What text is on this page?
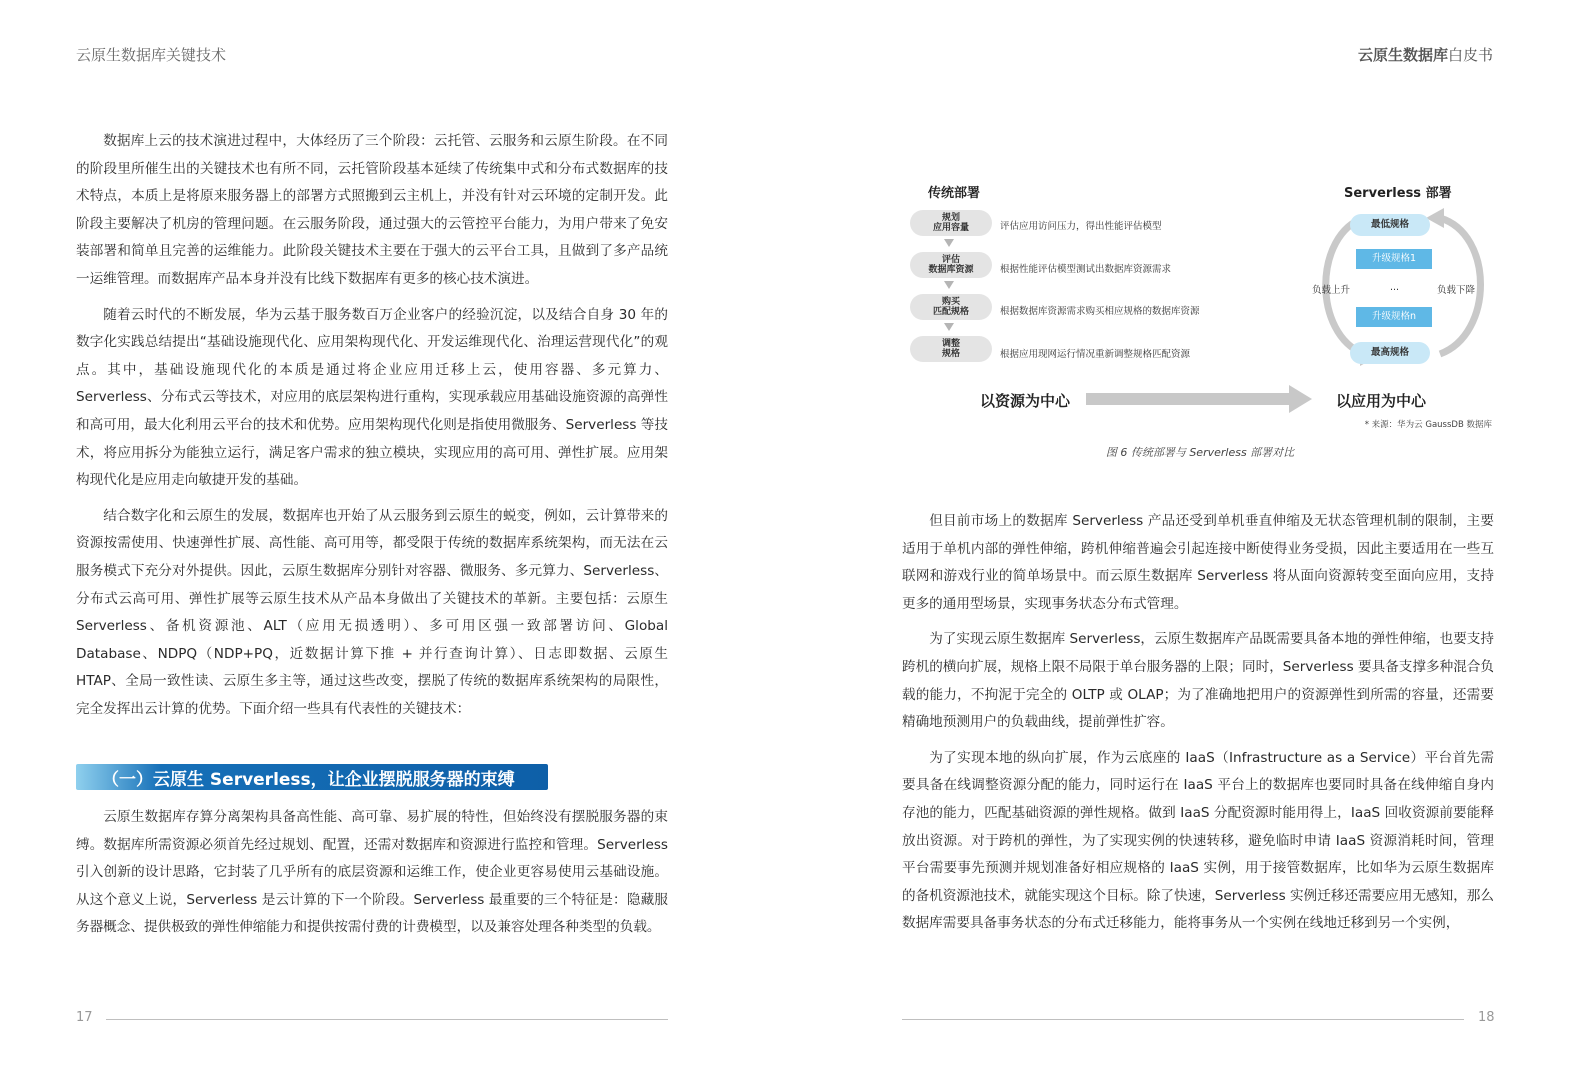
云原生数据库关键技术	云原生数据库白皮书

数据库上云的技术演进过程中，大体经历了三个阶段：云托管、云服务和云原生阶段。在不同的阶段里所催生出的关键技术也有所不同，云托管阶段基本延续了传统集中式和分布式数据库的技术特点，本质上是将原来服务器上的部署方式照搬到云主机上，并没有针对云环境的定制开发。此阶段主要解决了机房的管理问题。在云服务阶段，通过强大的云管控平台能力，为用户带来了免安装部署和简单且完善的运维能力。此阶段关键技术主要在于强大的云平台工具，且做到了多产品统一运维管理。而数据库产品本身并没有比线下数据库有更多的核心技术演进。

随着云时代的不断发展，华为云基于服务数百万企业客户的经验沉淀，以及结合自身 30 年的数字化实践总结提出“基础设施现代化、应用架构现代化、开发运维现代化、治理运营现代化”的观点。其中，基础设施现代化的本质是通过将企业应用迁移上云，使用容器、多元算力、Serverless、分布式云等技术，对应用的底层架构进行重构，实现承载应用基础设施资源的高弹性和高可用，最大化利用云平台的技术和优势。应用架构现代化则是指使用微服务、Serverless 等技术，将应用拆分为能独立运行，满足客户需求的独立模块，实现应用的高可用、弹性扩展。应用架构现代化是应用走向敏捷开发的基础。

结合数字化和云原生的发展，数据库也开始了从云服务到云原生的蜕变，例如，云计算带来的资源按需使用、快速弹性扩展、高性能、高可用等，都受限于传统的数据库系统架构，而无法在云服务模式下充分对外提供。因此，云原生数据库分别针对容器、微服务、多元算力、Serverless、分布式云高可用、弹性扩展等云原生技术从产品本身做出了关键技术的革新。主要包括：云原生 Serverless、备机资源池、ALT（应用无损透明）、多可用区强一致部署访问、Global Database、NDPQ（NDP+PQ，近数据计算下推 + 并行查询计算）、日志即数据、云原生 HTAP、全局一致性读、云原生多主等，通过这些改变，摆脱了传统的数据库系统架构的局限性，完全发挥出云计算的优势。下面介绍一些具有代表性的关键技术：

（一）云原生 Serverless，让企业摆脱服务器的束缚

云原生数据库存算分离架构具备高性能、高可靠、易扩展的特性，但始终没有摆脱服务器的束缚。数据库所需资源必须首先经过规划、配置，还需对数据库和资源进行监控和管理。Serverless 引入创新的设计思路，它封装了几乎所有的底层资源和运维工作，使企业更容易使用云基础设施。从这个意义上说，Serverless 是云计算的下一个阶段。Serverless 最重要的三个特征是：隐藏服务器概念、提供极致的弹性伸缩能力和提供按需付费的计费模型，以及兼容处理各种类型的负载。

传统部署	Serverless 部署
规划
应用容量	评估应用访问压力，得出性能评估模型
评估
数据库资源	根据性能评估模型测试出数据库资源需求
购买
匹配规格	根据数据库资源需求购买相应规格的数据库资源
调整
规格	根据应用现网运行情况重新调整规格匹配资源
最低规格
升级规格1
负载上升	...	负载下降
升级规格n
最高规格
以资源为中心	以应用为中心
* 来源：华为云 GaussDB 数据库
图 6 传统部署与 Serverless 部署对比

但目前市场上的数据库 Serverless 产品还受到单机垂直伸缩及无状态管理机制的限制，主要适用于单机内部的弹性伸缩，跨机伸缩普遍会引起连接中断使得业务受损，因此主要适用在一些互联网和游戏行业的简单场景中。而云原生数据库 Serverless 将从面向资源转变至面向应用，支持更多的通用型场景，实现事务状态分布式管理。

为了实现云原生数据库 Serverless，云原生数据库产品既需要具备本地的弹性伸缩，也要支持跨机的横向扩展，规格上限不局限于单台服务器的上限；同时，Serverless 要具备支撑多种混合负载的能力，不拘泥于完全的 OLTP 或 OLAP；为了准确地把用户的资源弹性到所需的容量，还需要精确地预测用户的负载曲线，提前弹性扩容。

为了实现本地的纵向扩展，作为云底座的 IaaS（Infrastructure as a Service）平台首先需要具备在线调整资源分配的能力，同时运行在 IaaS 平台上的数据库也要同时具备在线伸缩自身内存池的能力，匹配基础资源的弹性规格。做到 IaaS 分配资源时能用得上，IaaS 回收资源前要能释放出资源。对于跨机的弹性，为了实现实例的快速转移，避免临时申请 IaaS 资源消耗时间，管理平台需要事先预测并规划准备好相应规格的 IaaS 实例，用于接管数据库，比如华为云原生数据库的备机资源池技术，就能实现这个目标。除了快速，Serverless 实例迁移还需要应用无感知，那么数据库需要具备事务状态的分布式迁移能力，能将事务从一个实例在线地迁移到另一个实例，

17	18
